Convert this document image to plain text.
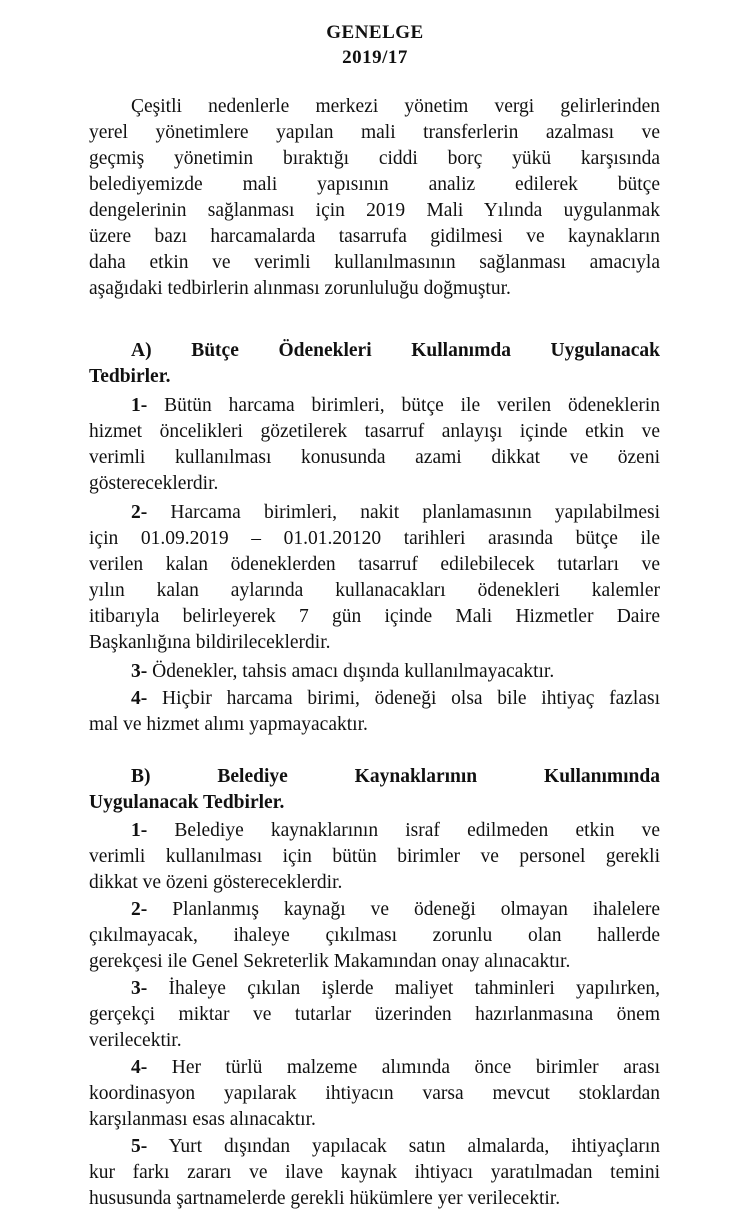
GENELGE
2019/17
Çeşitli nedenlerle merkezi yönetim vergi gelirlerinden
yerel yönetimlere yapılan mali transferlerin azalması ve
geçmiş yönetimin bıraktığı ciddi borç yükü karşısında
belediyemizde mali yapısının analiz edilerek bütçe
dengelerinin sağlanması için 2019 Mali Yılında uygulanmak
üzere bazı harcamalarda tasarrufa gidilmesi ve kaynakların
daha etkin ve verimli kullanılmasının sağlanması amacıyla
aşağıdaki tedbirlerin alınması zorunluluğu doğmuştur.
A) Bütçe Ödenekleri Kullanımda Uygulanacak
Tedbirler.
1- Bütün harcama birimleri, bütçe ile verilen ödeneklerin
hizmet öncelikleri gözetilerek tasarruf anlayışı içinde etkin ve
verimli kullanılması konusunda azami dikkat ve özeni
göstereceklerdir.
2- Harcama birimleri, nakit planlamasının yapılabilmesi
için 01.09.2019 – 01.01.20120 tarihleri arasında bütçe ile
verilen kalan ödeneklerden tasarruf edilebilecek tutarları ve
yılın kalan aylarında kullanacakları ödenekleri kalemler
itibarıyla belirleyerek 7 gün içinde Mali Hizmetler Daire
Başkanlığına bildirileceklerdir.
3- Ödenekler, tahsis amacı dışında kullanılmayacaktır.
4- Hiçbir harcama birimi, ödeneği olsa bile ihtiyaç fazlası
mal ve hizmet alımı yapmayacaktır.
B) Belediye Kaynaklarının Kullanımında
Uygulanacak Tedbirler.
1- Belediye kaynaklarının israf edilmeden etkin ve
verimli kullanılması için bütün birimler ve personel gerekli
dikkat ve özeni göstereceklerdir.
2- Planlanmış kaynağı ve ödeneği olmayan ihalelere
çıkılmayacak, ihaleye çıkılması zorunlu olan hallerde
gerekçesi ile Genel Sekreterlik Makamından onay alınacaktır.
3- İhaleye çıkılan işlerde maliyet tahminleri yapılırken,
gerçekçi miktar ve tutarlar üzerinden hazırlanmasına önem
verilecektir.
4- Her türlü malzeme alımında önce birimler arası
koordinasyon yapılarak ihtiyacın varsa mevcut stoklardan
karşılanması esas alınacaktır.
5- Yurt dışından yapılacak satın almalarda, ihtiyaçların
kur farkı zararı ve ilave kaynak ihtiyacı yaratılmadan temini
hususunda şartnamelerde gerekli hükümlere yer verilecektir.
